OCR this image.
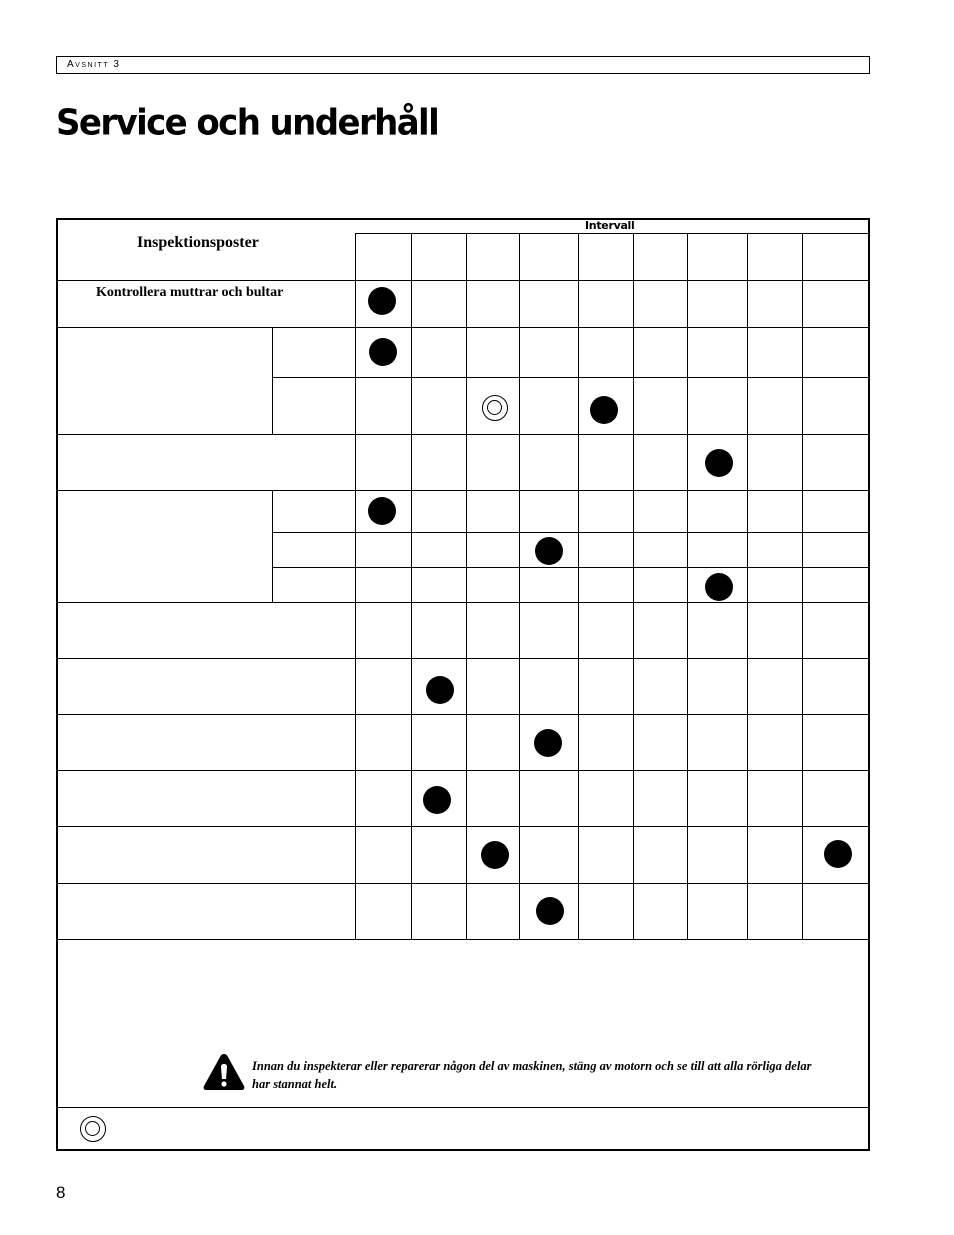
Avsnitt 3
Service och underhåll
Intervall
Inspektionsposter
Kontrollera muttrar och bultar
Innan du inspekterar eller reparerar någon del av maskinen, stäng av motorn och se till att alla rörliga delar har stannat helt.
8
